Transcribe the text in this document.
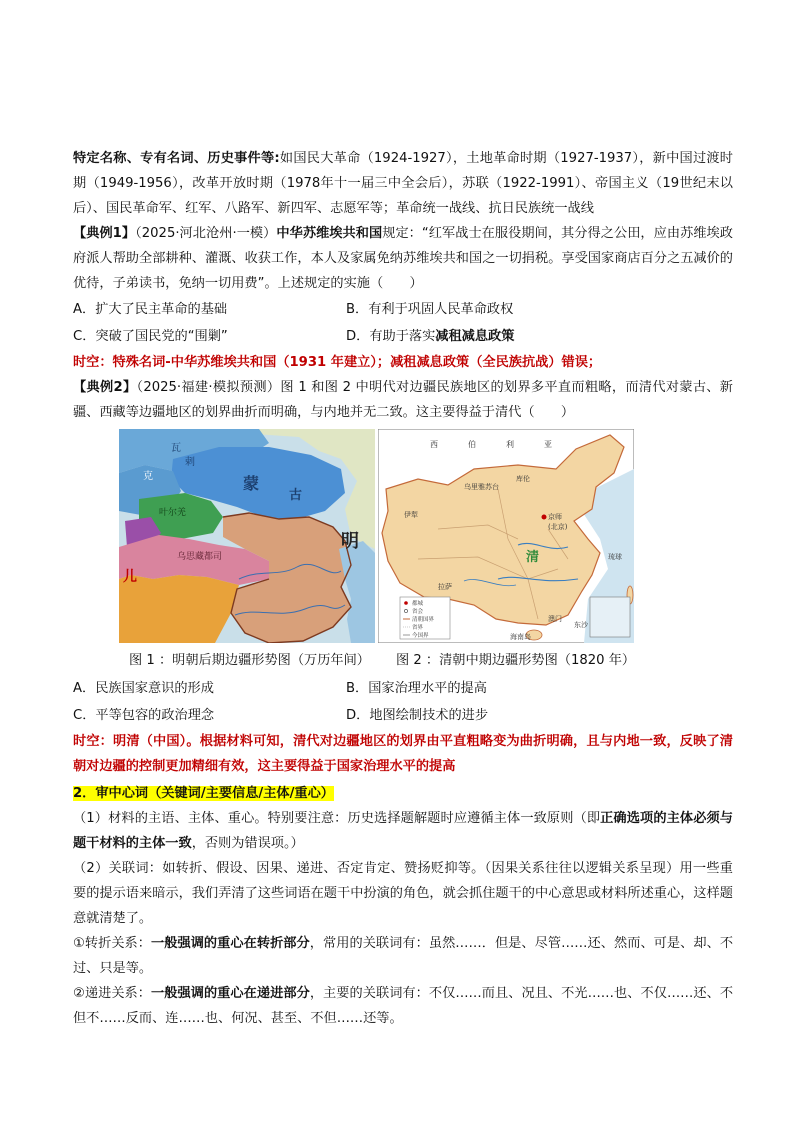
特定名称、专有名词、历史事件等:如国民大革命（1924-1927），土地革命时期（1927-1937），新中国过渡时期（1949-1956），改革开放时期（1978年十一届三中全会后），苏联（1922-1991）、帝国主义（19世纪末以后）、国民革命军、红军、八路军、新四军、志愿军等；革命统一战线、抗日民族统一战线

【典例1】（2025·河北沧州·一模）中华苏维埃共和国规定：“红军战士在服役期间，其分得之公田，应由苏维埃政府派人帮助全部耕种、灌溉、收获工作，本人及家属免纳苏维埃共和国之一切捐税。享受国家商店百分之五减价的优待，子弟读书，免纳一切用费”。上述规定的实施（　　）

A．扩大了民主革命的基础	B．有利于巩固人民革命政权
C．突破了国民党的“围剿”	D．有助于落实减租减息政策

时空：特殊名词-中华苏维埃共和国（1931 年建立）；减租减息政策（全民族抗战）错误；

【典例2】（2025·福建·模拟预测）图 1 和图 2 中明代对边疆民族地区的划界多平直而粗略，而清代对蒙古、新疆、西藏等边疆地区的划界曲折而明确，与内地并无二致。这主要得益于清代（　　）

瓦
剌
蒙
古
克
叶尔羌
乌思藏都司
明
儿
西	伯	利	亚
库伦
乌里雅苏台
伊犁	京师
(北京)
清
拉萨
琉球
东沙
海南岛
澳门
都城
省会
清朝国界
省界
今国界
图 1 ：明朝后期边疆形势图（万历年间） 图 2 ：清朝中期边疆形势图（1820 年）
A．民族国家意识的形成	B．国家治理水平的提高
C．平等包容的政治理念	D．地图绘制技术的进步

时空：明清（中国）。根据材料可知，清代对边疆地区的划界由平直粗略变为曲折明确，且与内地一致，反映了清朝对边疆的控制更加精细有效，这主要得益于国家治理水平的提高

2．审中心词（关键词/主要信息/主体/重心）

（1）材料的主语、主体、重心。特别要注意：历史选择题解题时应遵循主体一致原则（即正确选项的主体必须与题干材料的主体一致，否则为错误项。）

（2）关联词：如转折、假设、因果、递进、否定肯定、赞扬贬抑等。（因果关系往往以逻辑关系呈现）用一些重要的提示语来暗示，我们弄清了这些词语在题干中扮演的角色，就会抓住题干的中心意思或材料所述重心，这样题意就清楚了。

①转折关系：一般强调的重心在转折部分，常用的关联词有：虽然……．但是、尽管……还、然而、可是、却、不过、只是等。

②递进关系：一般强调的重心在递进部分，主要的关联词有：不仅……而且、况且、不光……也、不仅……还、不但不……反而、连……也、何况、甚至、不但……还等。
